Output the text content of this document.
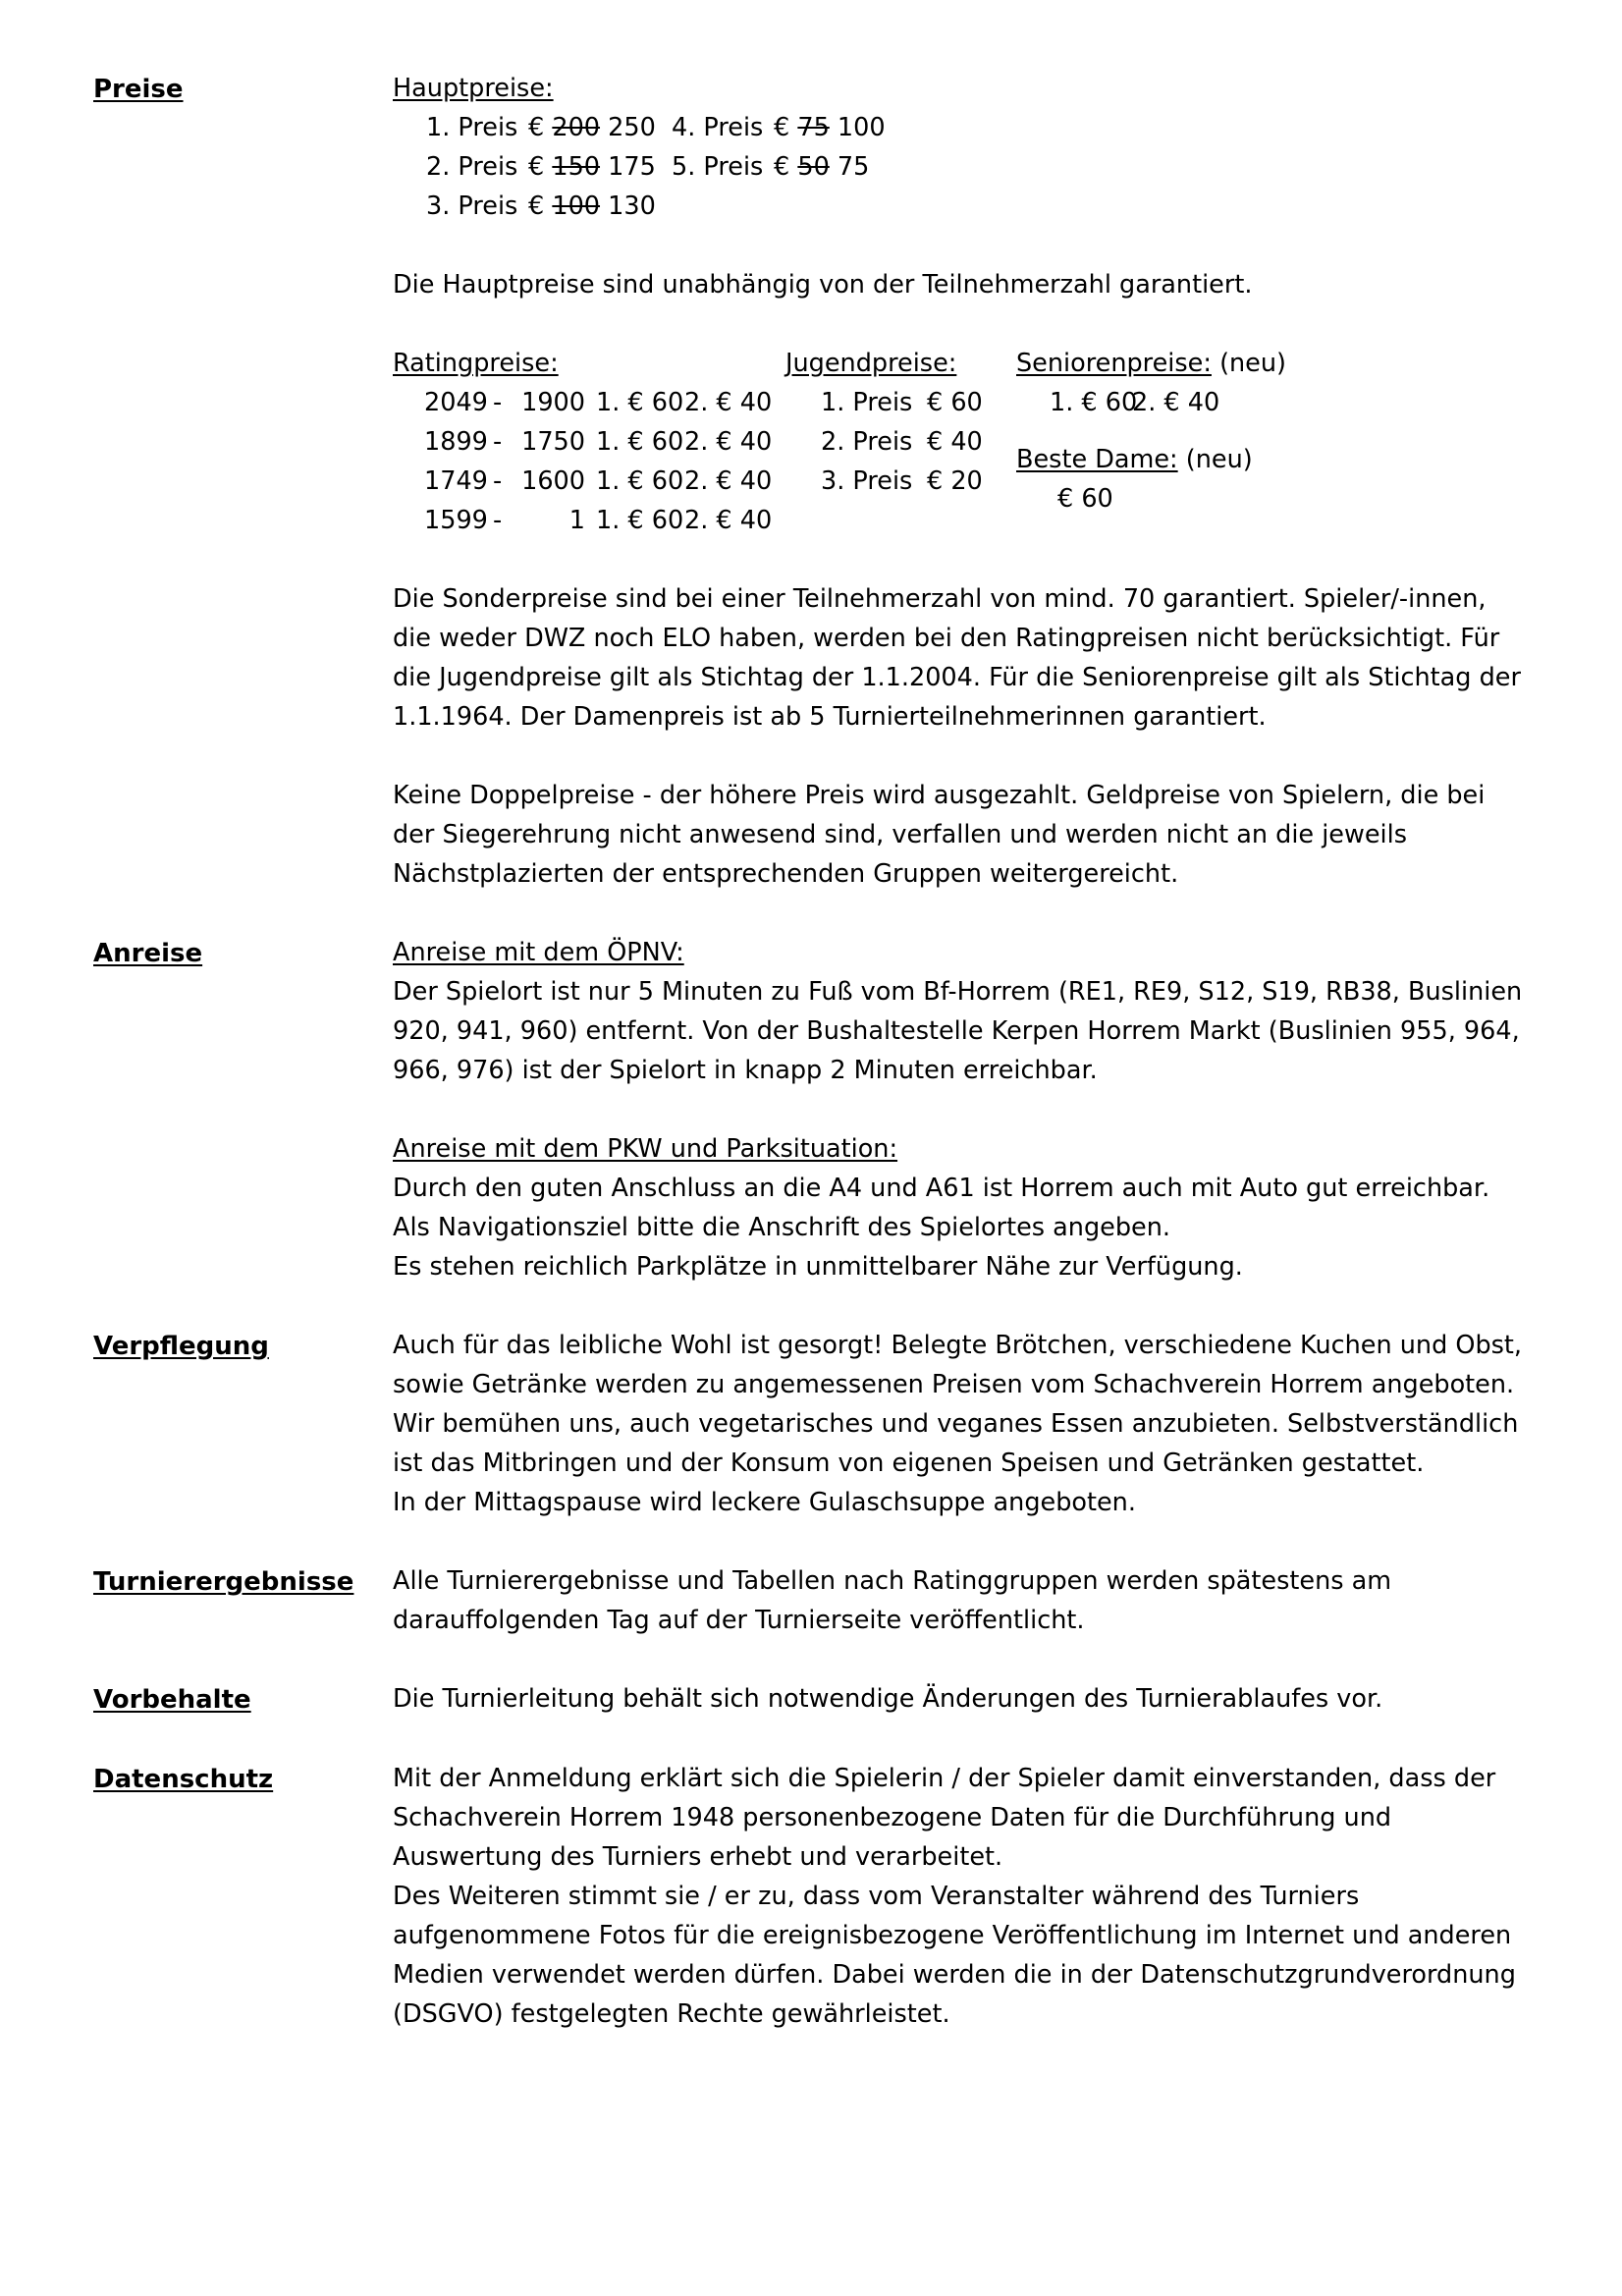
Preise	Hauptpreise:
1. Preis € 200 250 4. Preis € 75 100
2. Preis € 150 175 5. Preis € 50 75
3. Preis € 100 130

Die Hauptpreise sind unabhängig von der Teilnehmerzahl garantiert.

Ratingpreise:
2049 - 1900 1. € 602. € 40
1899 - 1750 1. € 602. € 40
1749 - 1600 1. € 602. € 40
1599 -	1 1. € 602. € 40
Jugendpreise:
1. Preis € 60
2. Preis € 40
3. Preis € 20
Seniorenpreise: (neu)
1. € 602. € 40
Beste Dame: (neu)
€ 60

Die Sonderpreise sind bei einer Teilnehmerzahl von mind. 70 garantiert. Spieler/-innen, die weder DWZ noch ELO haben, werden bei den Ratingpreisen nicht berücksichtigt. Für die Jugendpreise gilt als Stichtag der 1.1.2004. Für die Seniorenpreise gilt als Stichtag der 1.1.1964. Der Damenpreis ist ab 5 Turnierteilnehmerinnen garantiert.

Keine Doppelpreise - der höhere Preis wird ausgezahlt. Geldpreise von Spielern, die bei der Siegerehrung nicht anwesend sind, verfallen und werden nicht an die jeweils Nächstplazierten der entsprechenden Gruppen weitergereicht.

Anreise	Anreise mit dem ÖPNV:

Der Spielort ist nur 5 Minuten zu Fuß vom Bf-Horrem (RE1, RE9, S12, S19, RB38, Buslinien 920, 941, 960) entfernt. Von der Bushaltestelle Kerpen Horrem Markt (Buslinien 955, 964, 966, 976) ist der Spielort in knapp 2 Minuten erreichbar.

Anreise mit dem PKW und Parksituation:

Durch den guten Anschluss an die A4 und A61 ist Horrem auch mit Auto gut erreichbar. Als Navigationsziel bitte die Anschrift des Spielortes angeben.

Es stehen reichlich Parkplätze in unmittelbarer Nähe zur Verfügung.

Verpflegung	Auch für das leibliche Wohl ist gesorgt! Belegte Brötchen, verschiedene Kuchen und Obst, sowie Getränke werden zu angemessenen Preisen vom Schachverein Horrem angeboten. Wir bemühen uns, auch vegetarisches und veganes Essen anzubieten. Selbstverständlich ist das Mitbringen und der Konsum von eigenen Speisen und Getränken gestattet.

In der Mittagspause wird leckere Gulaschsuppe angeboten.

Turnierergebnisse	Alle Turnierergebnisse und Tabellen nach Ratinggruppen werden spätestens am darauffolgenden Tag auf der Turnierseite veröffentlicht.

Vorbehalte	Die Turnierleitung behält sich notwendige Änderungen des Turnierablaufes vor.

Datenschutz	Mit der Anmeldung erklärt sich die Spielerin / der Spieler damit einverstanden, dass der Schachverein Horrem 1948 personenbezogene Daten für die Durchführung und Auswertung des Turniers erhebt und verarbeitet.

Des Weiteren stimmt sie / er zu, dass vom Veranstalter während des Turniers aufgenommene Fotos für die ereignisbezogene Veröffentlichung im Internet und anderen Medien verwendet werden dürfen. Dabei werden die in der Datenschutzgrundverordnung (DSGVO) festgelegten Rechte gewährleistet.
